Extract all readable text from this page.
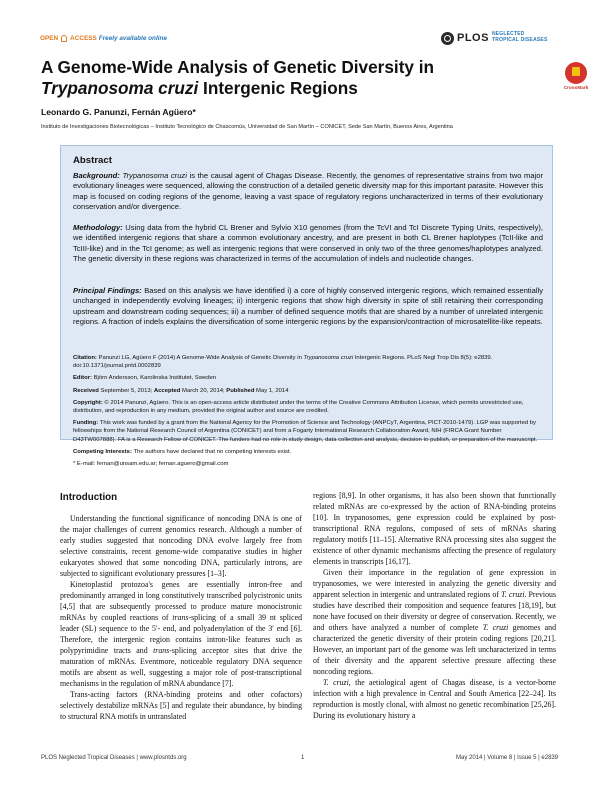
OPEN ACCESS Freely available online	PLOS NEGLECTED
TROPICAL DISEASES
CrossMark
A Genome-Wide Analysis of Genetic Diversity in
Trypanosoma cruzi Intergenic Regions
Leonardo G. Panunzi, Fernán Agüero*
Instituto de Investigaciones Biotecnológicas – Instituto Tecnológico de Chascomús, Universidad de San Martín – CONICET, Sede San Martín, Buenos Aires, Argentina
Abstract
Background: Trypanosoma cruzi is the causal agent of Chagas Disease. Recently, the genomes of representative strains from two major evolutionary lineages were sequenced, allowing the construction of a detailed genetic diversity map for this important parasite. However this map is focused on coding regions of the genome, leaving a vast space of regulatory regions uncharacterized in terms of their evolutionary conservation and/or divergence.
Methodology: Using data from the hybrid CL Brener and Sylvio X10 genomes (from the TcVI and TcI Discrete Typing Units, respectively), we identified intergenic regions that share a common evolutionary ancestry, and are present in both CL Brener haplotypes (TcII-like and TcIII-like) and in the TcI genome; as well as intergenic regions that were conserved in only two of the three genomes/haplotypes analyzed. The genetic diversity in these regions was characterized in terms of the accumulation of indels and nucleotide changes.
Principal Findings: Based on this analysis we have identified i) a core of highly conserved intergenic regions, which remained essentially unchanged in independently evolving lineages; ii) intergenic regions that show high diversity in spite of still retaining their corresponding upstream and downstream coding sequences; iii) a number of defined sequence motifs that are shared by a number of unrelated intergenic regions. A fraction of indels explains the diversification of some intergenic regions by the expansion/contraction of microsatellite-like repeats.

Citation: Panunzi LG, Agüero F (2014) A Genome-Wide Analysis of Genetic Diversity in Trypanosoma cruzi Intergenic Regions. PLoS Negl Trop Dis 8(5): e2839. doi:10.1371/journal.pntd.0002839

Editor: Björn Andersson, Karolinska Institutet, Sweden

Received September 5, 2013; Accepted March 20, 2014; Published May 1, 2014

Copyright: © 2014 Panunzi, Agüero. This is an open-access article distributed under the terms of the Creative Commons Attribution License, which permits unrestricted use, distribution, and reproduction in any medium, provided the original author and source are credited.

Funding: This work was funded by a grant from the National Agency for the Promotion of Science and Technology (ANPCyT, Argentina, PICT-2010-1479). LGP was supported by fellowships from the National Research Council of Argentina (CONICET) and from a Fogarty International Research Collaboration Award, NIH (FIRCA Grant Number D43TW007888). FA is a Research Fellow of CONICET. The funders had no role in study design, data collection and analysis, decision to publish, or preparation of the manuscript.

Competing Interests: The authors have declared that no competing interests exist.

* E-mail: fernan@unsam.edu.ar; fernan.aguero@gmail.com

Introduction

Understanding the functional significance of noncoding DNA is one of the major challenges of current genomics research. Although a number of early studies suggested that noncoding DNA evolve largely free from selective constraints, recent genome-wide comparative studies in higher eukaryotes showed that some noncoding DNA, particularly introns, are subjected to significant evolutionary pressures [1–3].

Kinetoplastid protozoa's genes are essentially intron-free and predominantly arranged in long constitutively transcribed polycistronic units [4,5] that are subsequently processed to produce mature monocistronic mRNAs by coupled reactions of trans-splicing of a small 39 nt spliced leader (SL) sequence to the 5′- end, and polyadenylation of the 3′ end [6]. Therefore, the intergenic region contains intron-like features such as polypyrimidine tracts and trans-splicing acceptor sites that drive the maturation of mRNAs. Eventmore, noticeable regulatory DNA sequence motifs are absent as well, suggesting a major role of post-transcriptional mechanisms in the regulation of mRNA abundance [7].

Trans-acting factors (RNA-binding proteins and other cofactors) selectively destabilize mRNAs [5] and regulate their abundance, by binding to structural RNA motifs in untranslated

regions [8,9]. In other organisms, it has also been shown that functionally related mRNAs are co-expressed by the action of RNA-binding proteins [10]. In trypanosomes, gene expression could be explained by post-transcriptional RNA regulons, composed of sets of mRNAs sharing regulatory motifs [11–15]. Alternative RNA processing sites also suggest the existence of other dynamic mechanisms affecting the presence of regulatory elements in transcripts [16,17].

Given their importance in the regulation of gene expression in trypanosomes, we were interested in analyzing the genetic diversity and apparent selection in intergenic and untranslated regions of T. cruzi. Previous studies have described their composition and sequence features [18,19], but none have focused on their diversity or degree of conservation. Recently, we and others have analyzed a number of complete T. cruzi genomes and characterized the genetic diversity of their protein coding regions [20,21]. However, an important part of the genome was left uncharacterized in terms of their diversity and the apparent selective pressure affecting these noncoding regions.

T. cruzi, the aetiological agent of Chagas disease, is a vector-borne infection with a high prevalence in Central and South America [22–24]. Its reproduction is mostly clonal, with almost no genetic recombination [25,26]. During its evolutionary history a

PLOS Neglected Tropical Diseases | www.plosntds.org	1	May 2014 | Volume 8 | Issue 5 | e2839
